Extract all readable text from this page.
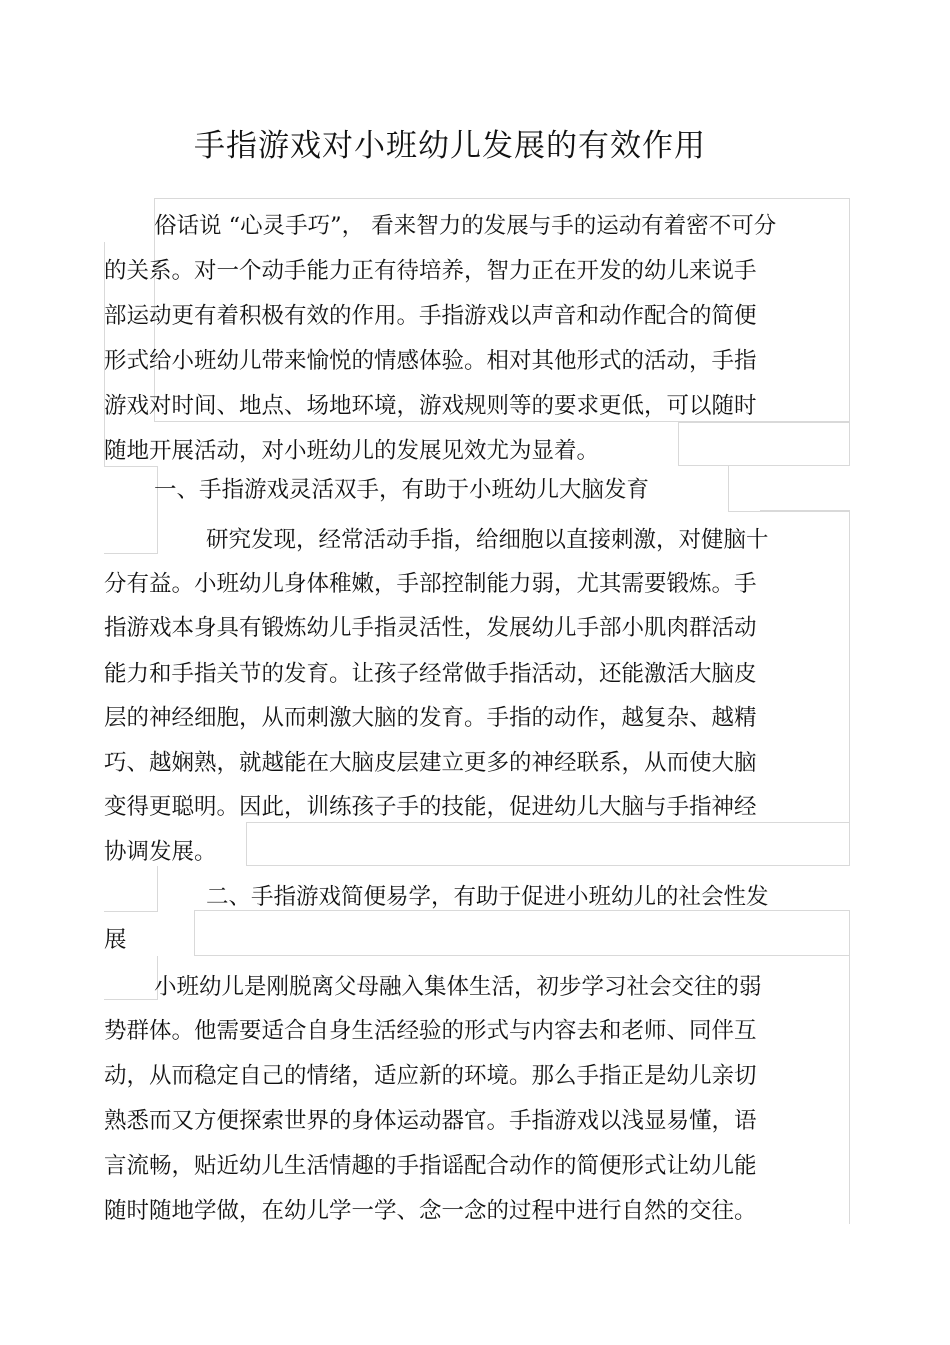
手指游戏对小班幼儿发展的有效作用
俗话说 “心灵手巧”， 看来智力的发展与手的运动有着密不可分
的关系。对一个动手能力正有待培养，智力正在开发的幼儿来说手
部运动更有着积极有效的作用。手指游戏以声音和动作配合的简便
形式给小班幼儿带来愉悦的情感体验。相对其他形式的活动，手指
游戏对时间、地点、场地环境，游戏规则等的要求更低，可以随时
随地开展活动，对小班幼儿的发展见效尤为显着。
一、手指游戏灵活双手，有助于小班幼儿大脑发育
研究发现，经常活动手指，给细胞以直接刺激，对健脑十
分有益。小班幼儿身体稚嫩，手部控制能力弱，尤其需要锻炼。手
指游戏本身具有锻炼幼儿手指灵活性，发展幼儿手部小肌肉群活动
能力和手指关节的发育。让孩子经常做手指活动，还能激活大脑皮
层的神经细胞，从而刺激大脑的发育。手指的动作，越复杂、越精
巧、越娴熟，就越能在大脑皮层建立更多的神经联系，从而使大脑
变得更聪明。因此，训练孩子手的技能，促进幼儿大脑与手指神经
协调发展。
二、手指游戏简便易学，有助于促进小班幼儿的社会性发
展
小班幼儿是刚脱离父母融入集体生活，初步学习社会交往的弱
势群体。他需要适合自身生活经验的形式与内容去和老师、同伴互
动，从而稳定自己的情绪，适应新的环境。那么手指正是幼儿亲切
熟悉而又方便探索世界的身体运动器官。手指游戏以浅显易懂，语
言流畅，贴近幼儿生活情趣的手指谣配合动作的简便形式让幼儿能
随时随地学做，在幼儿学一学、念一念的过程中进行自然的交往。
